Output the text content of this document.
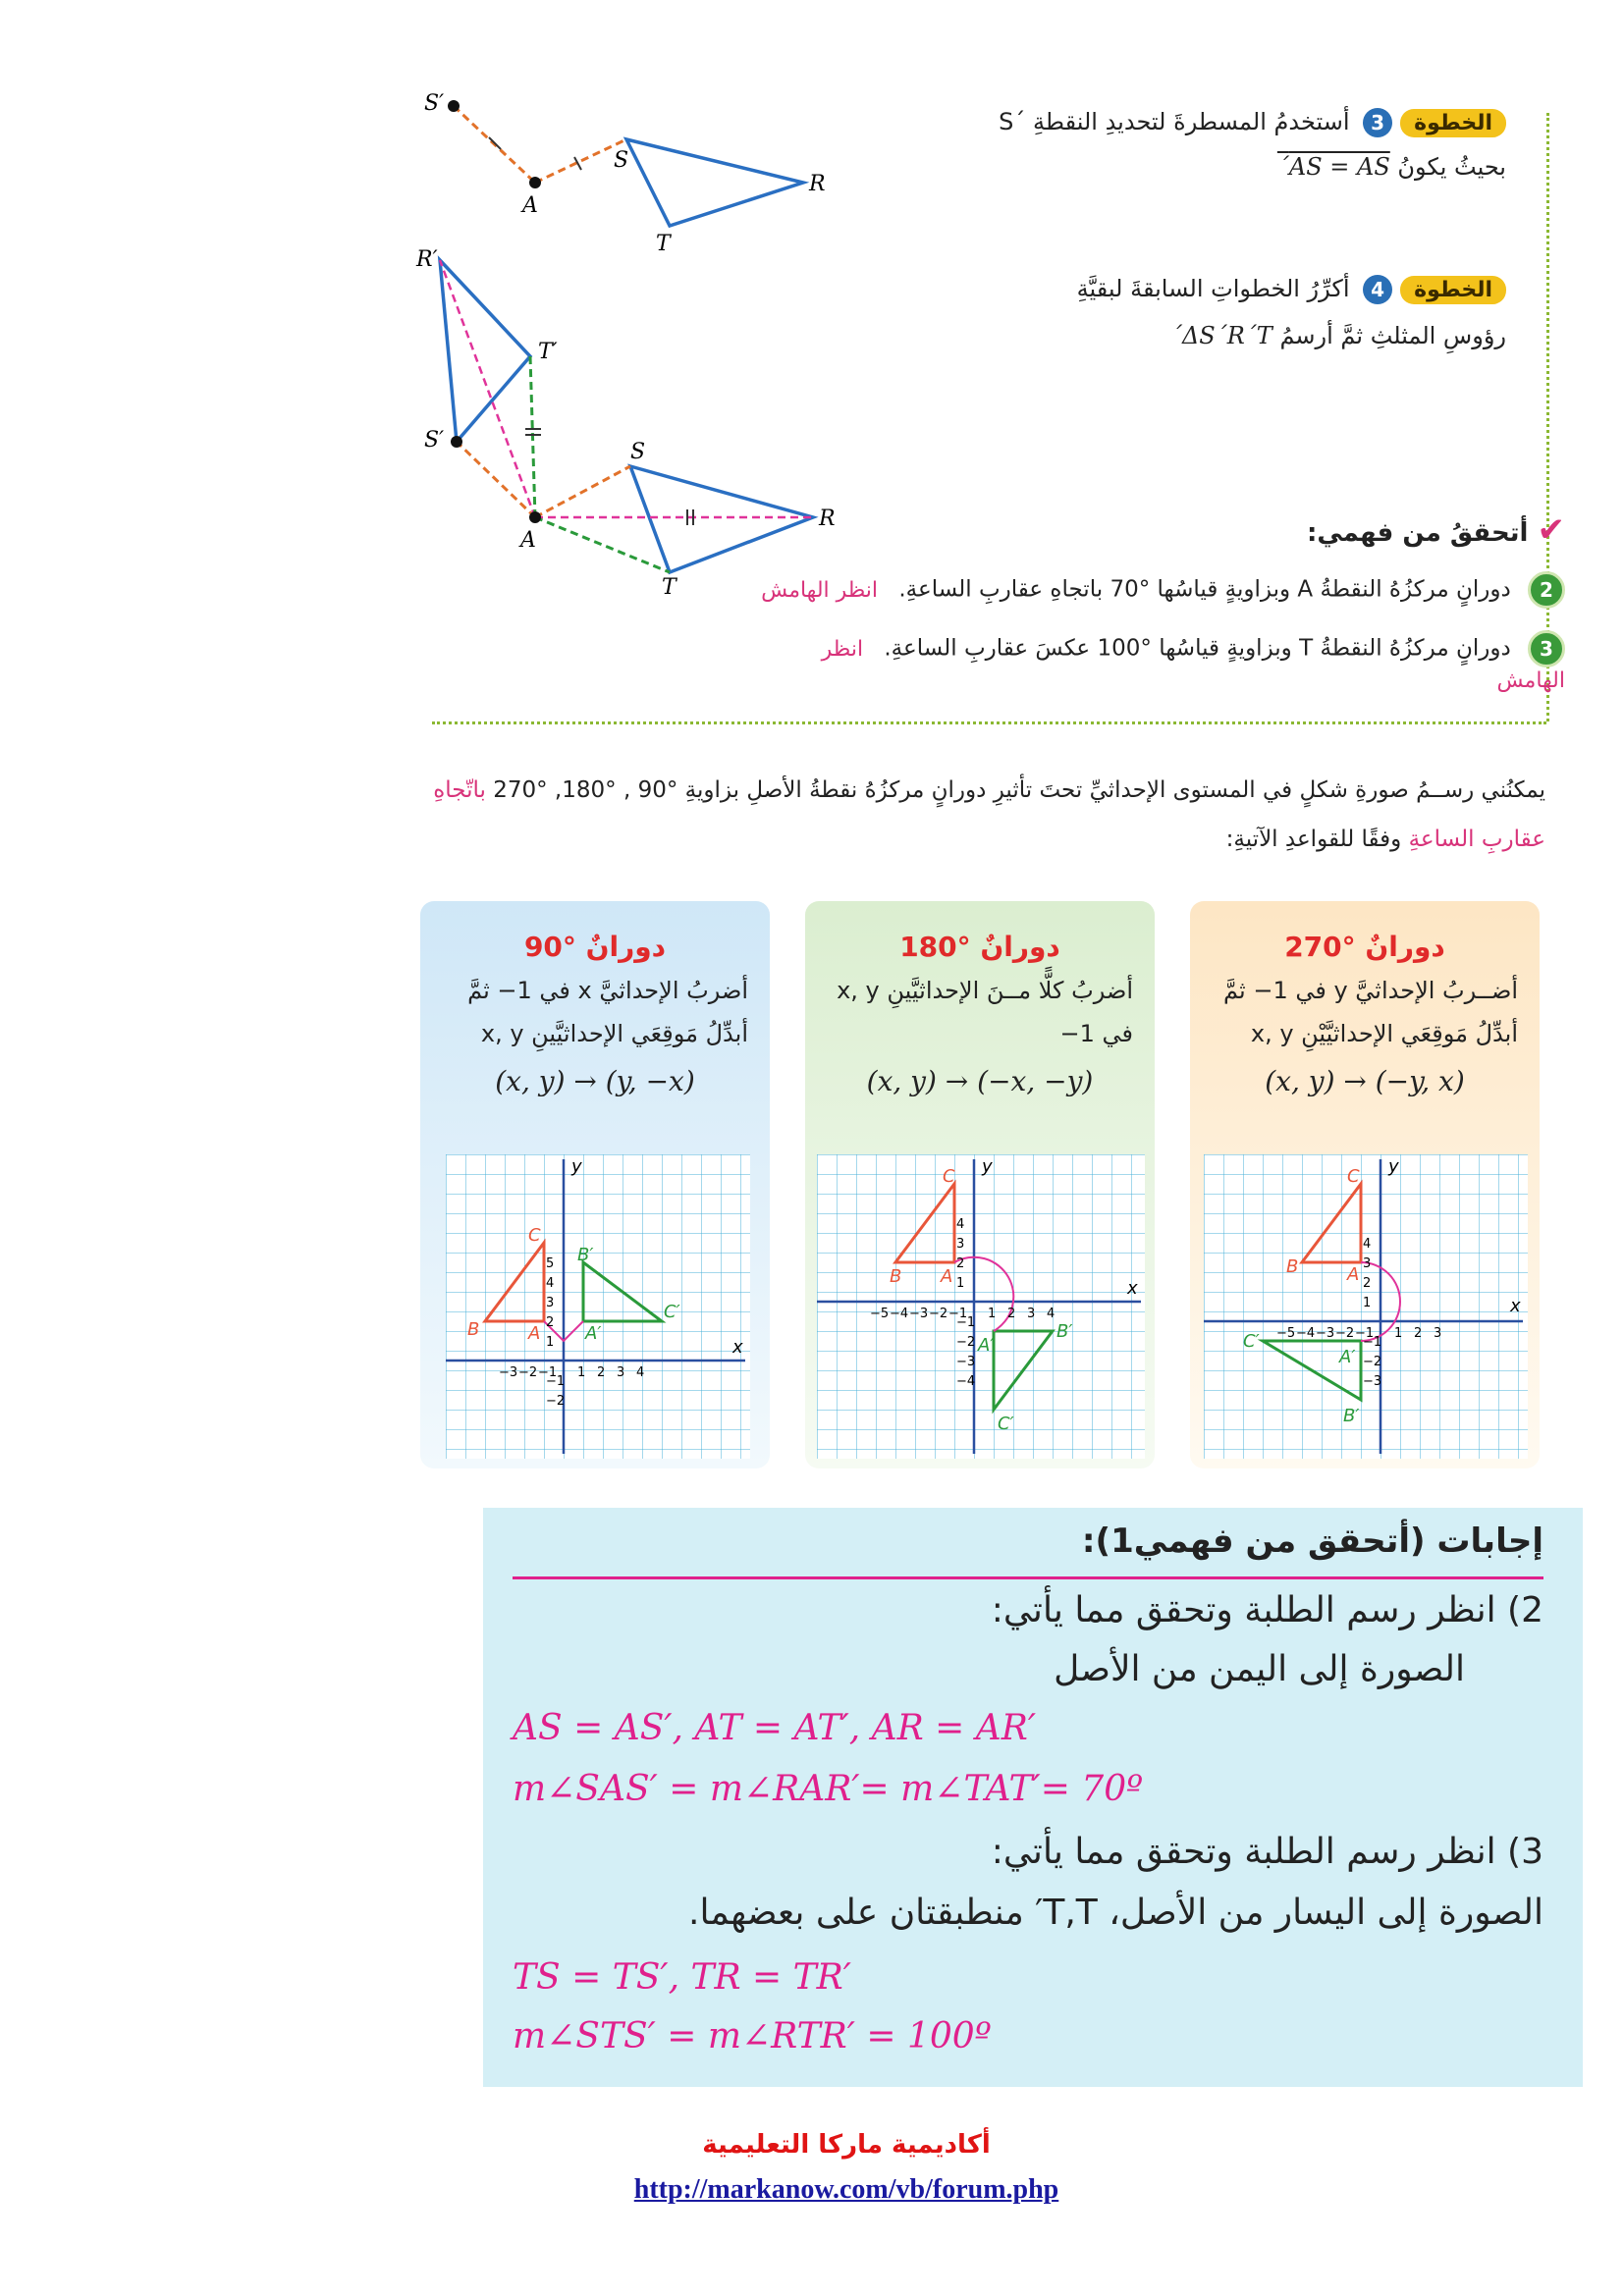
S′
S
R
A
T
R′
T′
S′	S
R
A
T
الخطوة3 أستخدمُ المسطرةَ لتحديدِ النقطةِ ´S
بحيثُ يكونُ AS = AS´
الخطوة4 أكرِّرُ الخطواتِ السابقةَ لبقيَّةِ
رؤوسِ المثلثِ ثمَّ أرسمُ ΔS´R´T´
✔ أتحققُ من فهمي:
2 دورانٍ مركزُهُ النقطةُ A وبزاويةٍ قياسُها °70 باتجاهِ عقاربِ الساعةِ. انظر الهامش
3 دورانٍ مركزُهُ النقطةُ T وبزاويةٍ قياسُها °100 عكسَ عقاربِ الساعةِ. انظر الهامش
يمكنُني رســمُ صورةِ شكلٍ في المستوى الإحداثيِّ تحتَ تأثيرِ دورانٍ مركزُهُ نقطةُ الأصلِ بزاويةِ °90 , °180, °270 باتّجاهِ
عقاربِ الساعةِ وفقًا للقواعدِ الآتيةِ:
دورانٌ °270
أضــربُ الإحداثيَّ y في 1− ثمَّ أبدِّلُ مَوقِعَي الإحداثيَّيْنِ x, y
(x, y) → (−y, x)
C
B	A
C′
A′
B′
x
y
−5 −4 −3 −2 −1 1 2 3
4
3
2
1
−1
−2
−3
دورانٌ °180
أضربُ كلًّا مــنَ الإحداثيَّينِ x, y في 1−
(x, y) → (−x, −y)
C
B A
A′
B′
C′
x
y
−5 −4 −3 −2 −1 1 2 3 4
4
3
2
1
−1
−2
−3
−4
دورانٌ °90
أضربُ الإحداثيَّ x في 1− ثمَّ أبدِّلُ مَوقِعَي الإحداثيَّينِ x, y
(x, y) → (y, −x)
C
B	A
B′
A′
C′
x
y
−3 −2 −1 1 2 3 4
5
4
3
2
1
−1
−2
إجابات (أتحقق من فهمي1):
2) انظر رسم الطلبة وتحقق مما يأتي:
الصورة إلى اليمن من الأصل
AS = AS′, AT = AT′, AR = AR′
m∠SAS′ = m∠RAR′= m∠TAT′= 70º
3) انظر رسم الطلبة وتحقق مما يأتي:
الصورة إلى اليسار من الأصل، T,T′ منطبقتان على بعضهما.
TS = TS′, TR = TR′
m∠STS′ = m∠RTR′ = 100º
أكاديمية ماركا التعليمية
http://markanow.com/vb/forum.php
